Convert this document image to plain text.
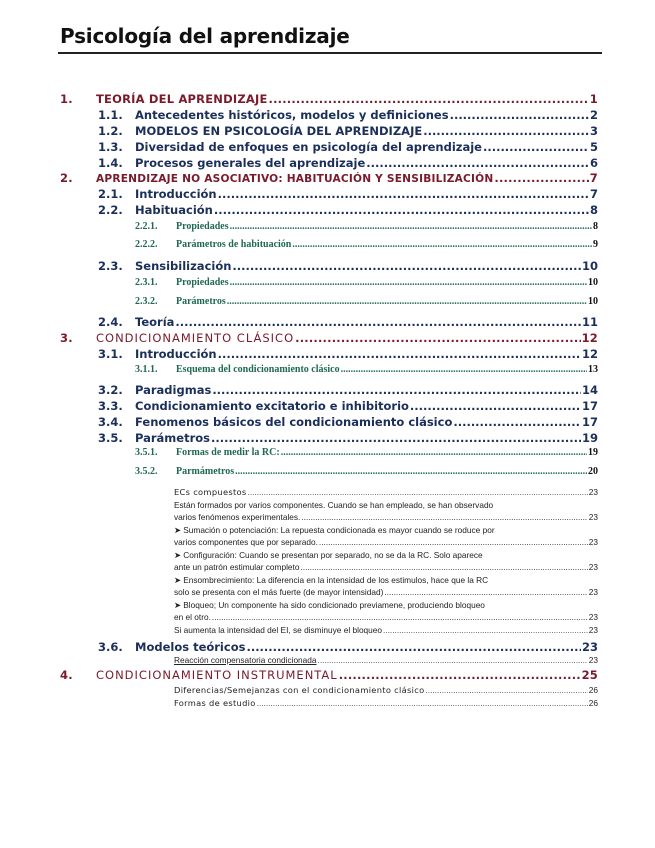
Psicología del aprendizaje
1.	TEORÍA DEL APRENDIZAJE .....	1
1.1.	Antecedentes históricos, modelos y definiciones .....	2
1.2.	MODELOS EN PSICOLOGÍA DEL APRENDIZAJE .....	3
1.3.	Diversidad de enfoques en psicología del aprendizaje .....	5
1.4.	Procesos generales del aprendizaje .....	6
2.	APRENDIZAJE NO ASOCIATIVO: HABITUACIÓN Y SENSIBILIZACIÓN .....	7
2.1.	Introducción .....	7
2.2.	Habituación .....	8
2.2.1.	Propiedades .....	8
2.2.2.	Parámetros de habituación .....	9
2.3.	Sensibilización .....	10
2.3.1.	Propiedades .....	10
2.3.2.	Parámetros .....	10
2.4.	Teoría .....	11
3.	CONDICIONAMIENTO CLÁSICO .....	12
3.1.	Introducción .....	12
3.1.1.	Esquema del condicionamiento clásico .....	13
3.2.	Paradigmas .....	14
3.3.	Condicionamiento excitatorio e inhibitorio .....	17
3.4.	Fenomenos básicos del condicionamiento clásico .....	17
3.5.	Parámetros .....	19
3.5.1.	Formas de medir la RC: .....	19
3.5.2.	Parmámetros .....	20
ECs compuestos .....	23
Están formados por varios componentes. Cuando se han empleado, se han observado
varios fenómenos experimentales. .....	23
➤ Sumación o potenciación: La repuesta condicionada es mayor cuando se roduce por
varios componentes que por separado. .....	23
➤ Configuración: Cuando se presentan por separado, no se da la RC. Solo aparece
ante un patrón estimular completo .....	23
➤ Ensombrecimiento: La diferencia en la intensidad de los estimulos, hace que la RC
solo se presenta con el más fuerte (de mayor intensidad) .....	23
➤ Bloqueo; Un componente ha sido condicionado previamene, produciendo bloqueo
en el otro. .....	23
Si aumenta la intensidad del EI, se disminuye el bloqueo .....	23
3.6.	Modelos teóricos .....	23
Reacción compensatoria condicionada .....	23
4.	CONDICIONAMIENTO INSTRUMENTAL .....	25
Diferencias/Semejanzas con el condicionamiento clásico .....	26
Formas de estudio .....	26
